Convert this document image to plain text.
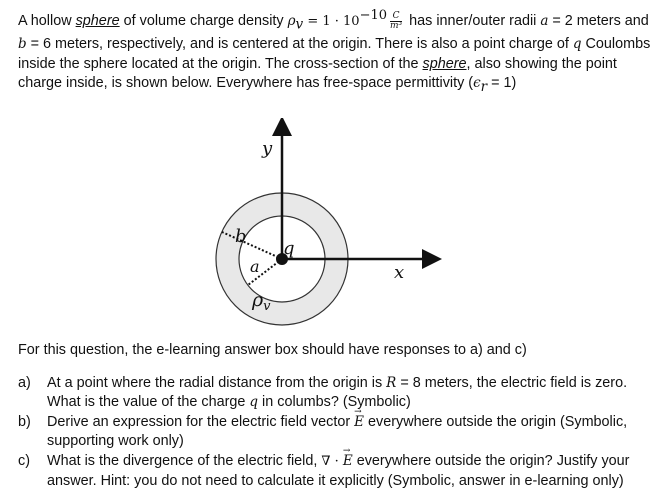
A hollow sphere of volume charge density $\rho_v = 1 \cdot 10^{-10} \frac{C}{\text{m³}}$ has inner/outer radii a = 2 meters and b = 6 meters, respectively, and is centered at the origin. There is also a point charge of q Coulombs inside the sphere located at the origin. The cross-section of the sphere, also showing the point charge inside, is shown below. Everywhere has free-space permittivity $(\epsilon_r = 1)$
y
x
b
a
q
$\rho_v$
For this question, the e-learning answer box should have responses to a) and c)
a)	At a point where the radial distance from the origin is R = 8 meters, the electric field is zero. What is the value of the charge q in columbs? (Symbolic)
b)	Derive an expression for the electric field vector → E everywhere outside the origin (Symbolic, supporting work only)
c)	What is the divergence of the electric field, ∇ · → E everywhere outside the origin? Justify your answer. Hint: you do not need to calculate it explicitly (Symbolic, answer in e-learning only)
